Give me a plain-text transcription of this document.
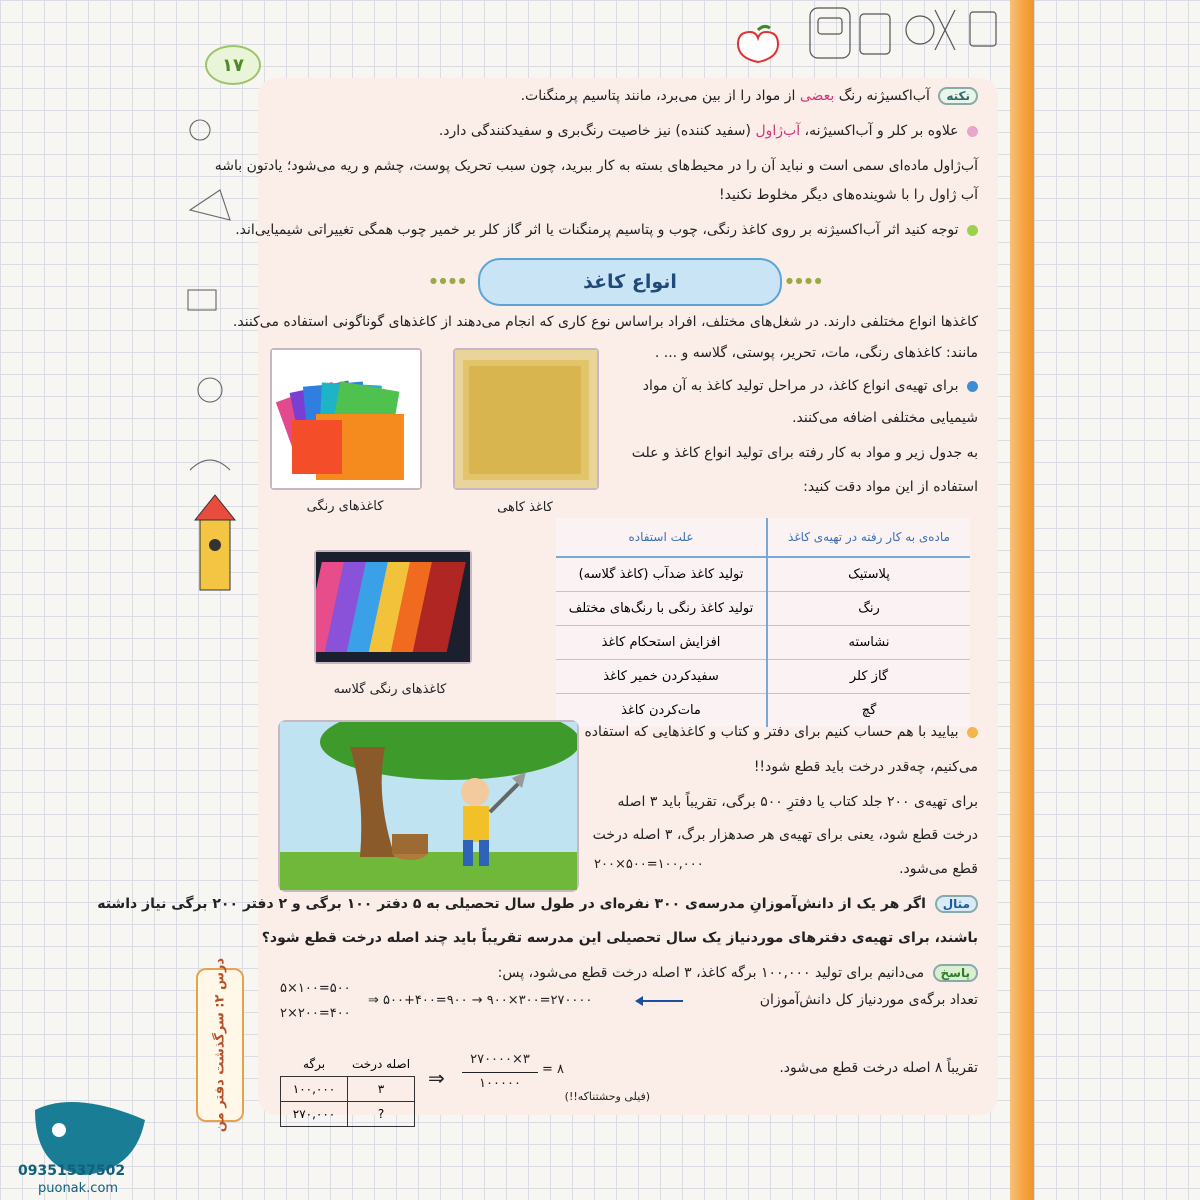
۱۷
نکته آب‌اکسیژنه رنگ بعضی از مواد را از بین می‌برد، مانند پتاسیم پرمنگنات.
علاوه بر کلر و آب‌اکسیژنه، آب‌ژاول (سفید کننده) نیز خاصیت رنگ‌بری و سفیدکنندگی دارد.
آب‌ژاول ماده‌ای سمی است و نباید آن را در محیط‌های بسته به کار ببرید، چون سبب تحریک پوست، چشم و ریه می‌شود؛ یادتون باشه
آب ژاول را با شوینده‌های دیگر مخلوط نکنید!
توجه کنید اثر آب‌اکسیژنه بر روی کاغذ رنگی، چوب و پتاسیم پرمنگنات یا اثر گاز کلر بر خمیر چوب همگی تغییراتی شیمیایی‌اند.
● ● ● ●	انواع کاغذ	● ● ● ●
کاغذها انواع مختلفی دارند. در شغل‌های مختلف، افراد براساس نوع کاری که انجام می‌دهند از کاغذهای گوناگونی استفاده می‌کنند.
مانند: کاغذهای رنگی، مات، تحریر، پوستی، گلاسه و ... .
برای تهیه‌ی انواع کاغذ، در مراحل تولید کاغذ به آن مواد
شیمیایی مختلفی اضافه می‌کنند.
به جدول زیر و مواد به کار رفته برای تولید انواع کاغذ و علت
استفاده از این مواد دقت کنید:
کاغذهای رنگی	کاغذ کاهی
کاغذهای رنگی گلاسه
ماده‌ی به کار رفته در تهیه‌ی کاغذ	علت استفاده
پلاستیک	تولید کاغذ ضدآب (کاغذ گلاسه)
رنگ	تولید کاغذ رنگی با رنگ‌های مختلف
نشاسته	افزایش استحکام کاغذ
گاز کلر	سفیدکردن خمیر کاغذ
گچ	مات‌کردن کاغذ
بیایید با هم حساب کنیم برای دفتر و کتاب و کاغذهایی که استفاده
می‌کنیم، چه‌قدر درخت باید قطع شود!!
برای تهیه‌ی ۲۰۰ جلد کتاب یا دفترِ ۵۰۰ برگی، تقریباً باید ۳ اصله
درخت قطع شود، یعنی برای تهیه‌ی هر صدهزار برگ، ۳ اصله درخت
قطع می‌شود.
۲۰۰×۵۰۰=۱۰۰,۰۰۰
مثال اگر هر یک از دانش‌آموزانِ مدرسه‌ی ۳۰۰ نفره‌ای در طول سال تحصیلی به ۵ دفتر ۱۰۰ برگی و ۲ دفتر ۲۰۰ برگی نیاز داشته
باشند، برای تهیه‌ی دفترهای موردنیاز یک سال تحصیلی این مدرسه تقریباً باید چند اصله درخت قطع شود؟
پاسخ می‌دانیم برای تولید ۱۰۰,۰۰۰ برگه کاغذ، ۳ اصله درخت قطع می‌شود، پس:
۵×۱۰۰=۵۰۰
۲×۲۰۰=۴۰۰
⇒ ۵۰۰+۴۰۰=۹۰۰ → ۹۰۰×۳۰۰=۲۷۰۰۰۰	تعداد برگه‌ی موردنیاز کل دانش‌آموزان
برگه	اصله درخت
۱۰۰,۰۰۰	۳
۲۷۰,۰۰۰	?
⇒
۲۷۰۰۰۰×۳
۱۰۰۰۰۰
= ۸	تقریباً ۸ اصله درخت قطع می‌شود.
(فیلی وحشتناکه!!)
درس ۲: سرگذشت دفتر من
09351537502
puonak.com
